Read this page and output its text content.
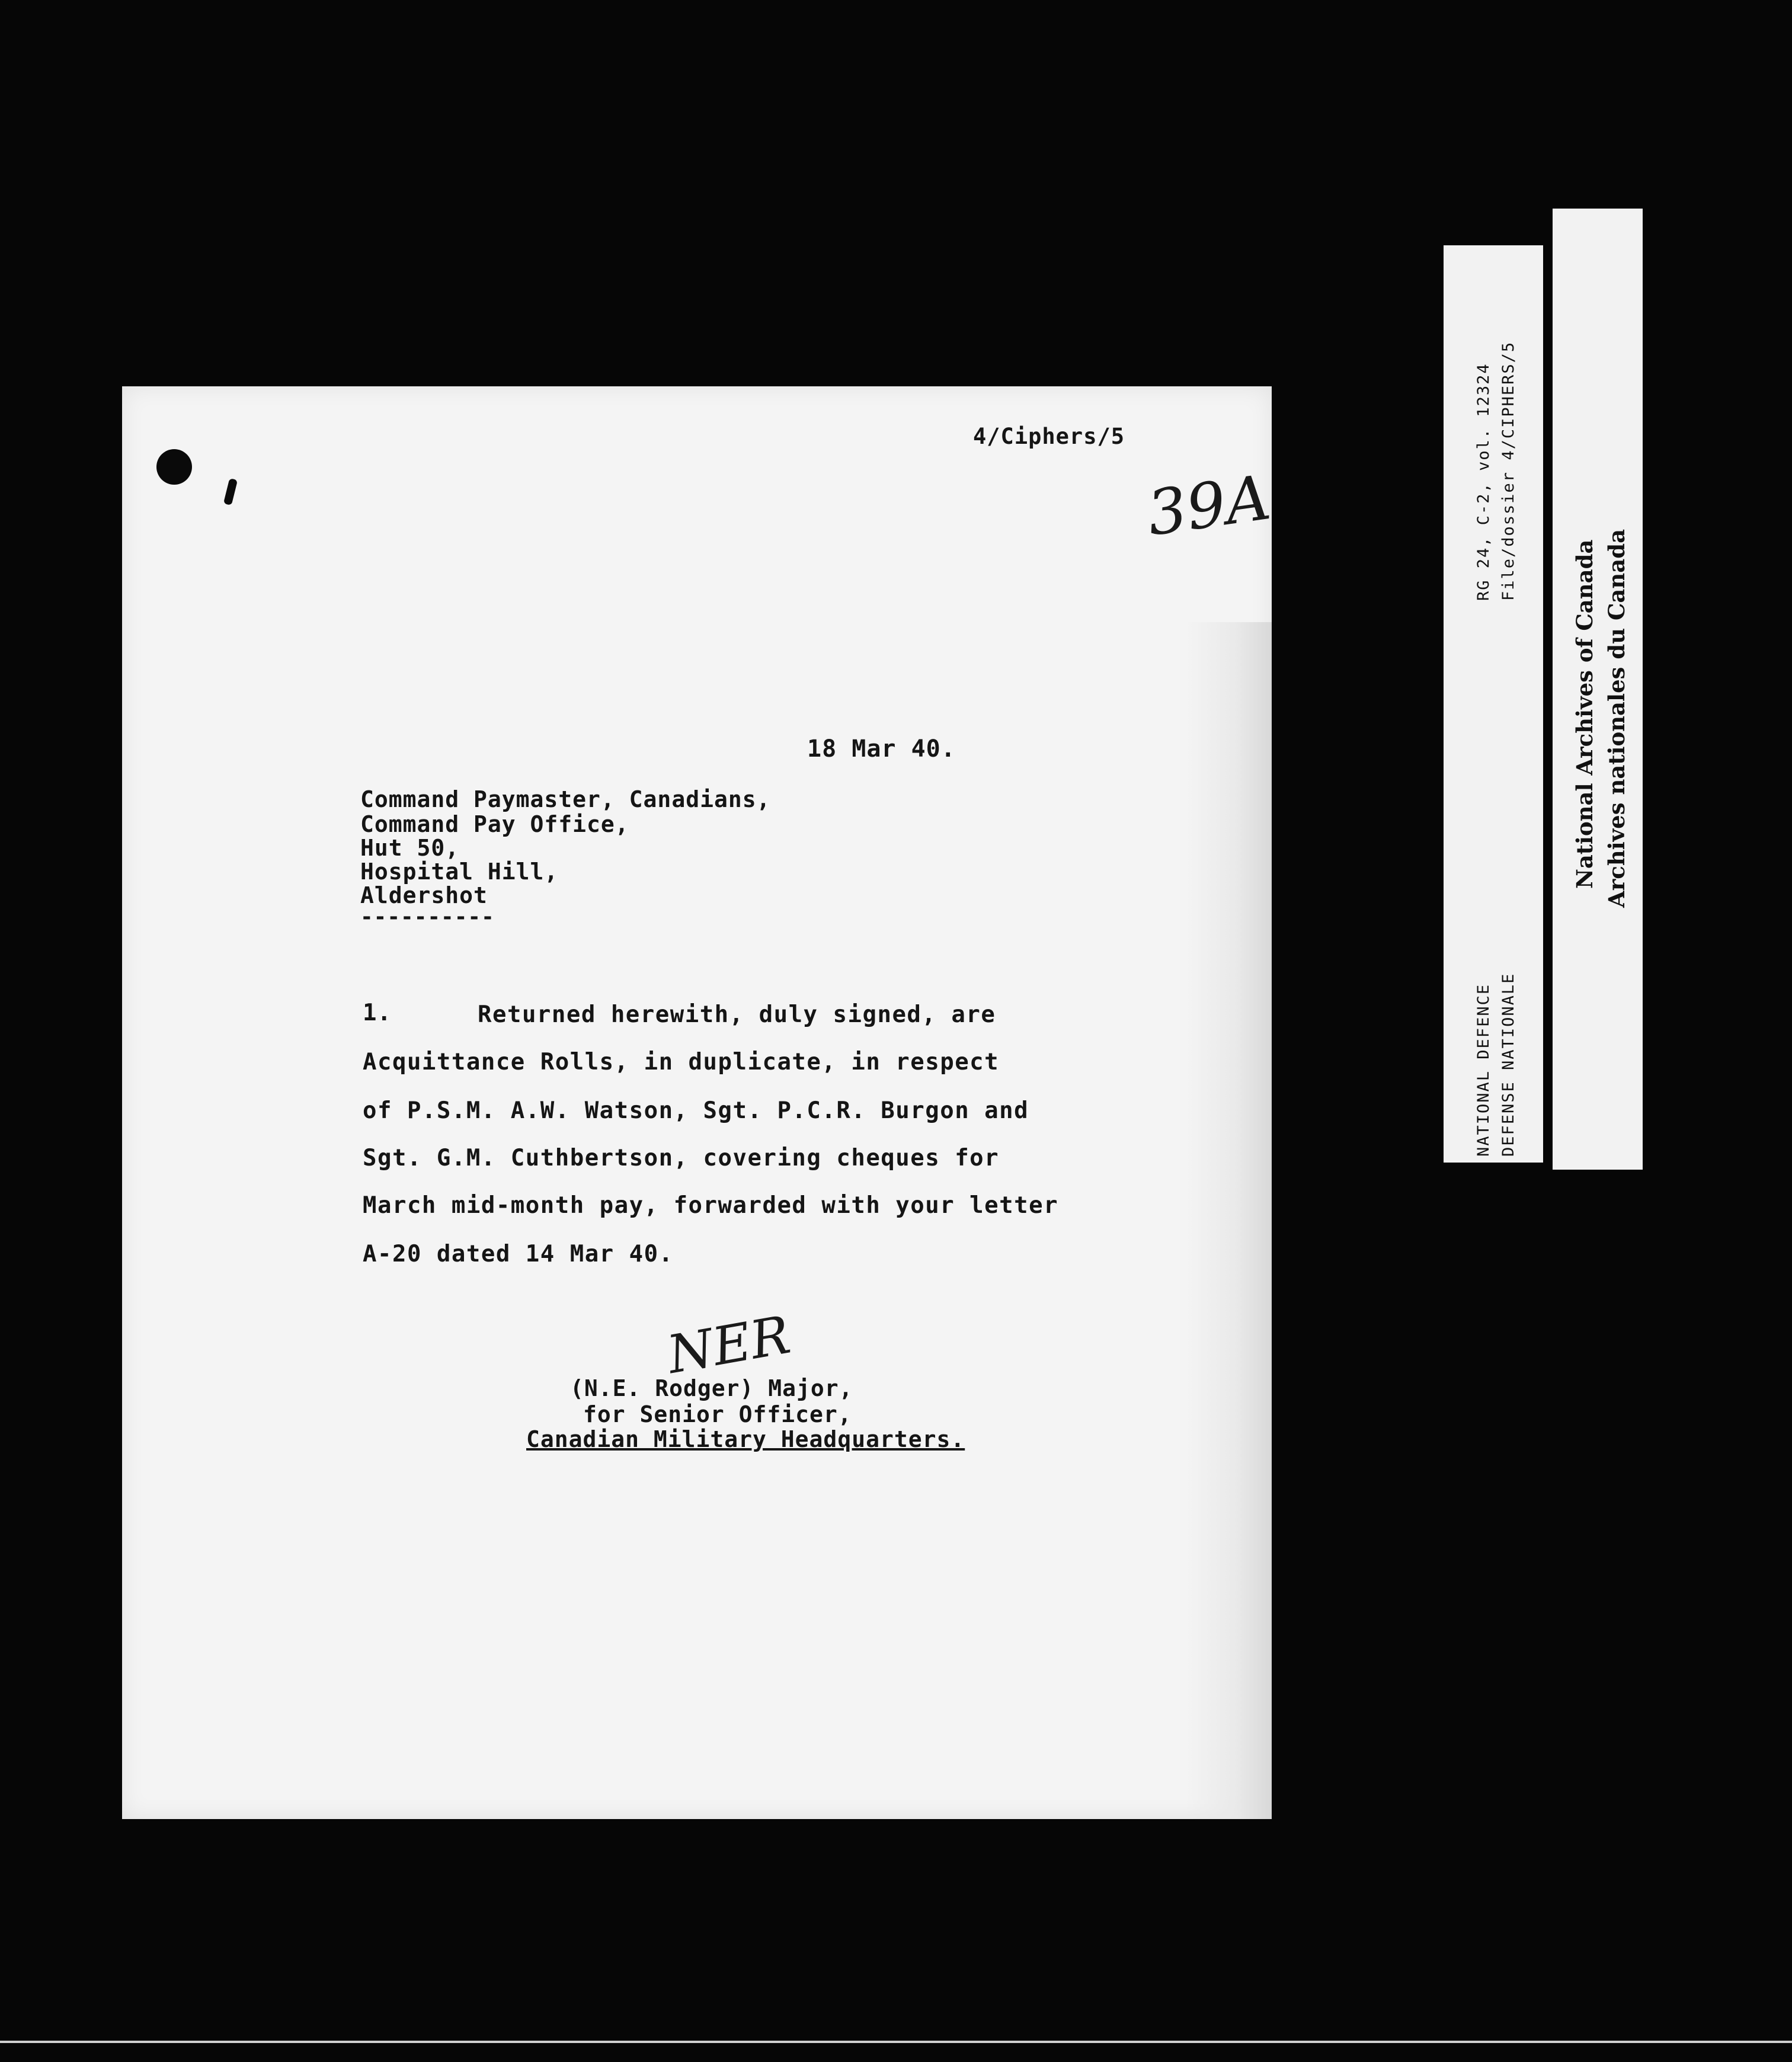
4/Ciphers/5
39A
18 Mar 40.
Command Paymaster, Canadians,
Command Pay Office,
Hut 50,
Hospital Hill,
Aldershot
----------
1.	Returned herewith, duly signed, are
Acquittance Rolls, in duplicate, in respect
of P.S.M. A.W. Watson, Sgt. P.C.R. Burgon and
Sgt. G.M. Cuthbertson, covering cheques for
March mid-month pay, forwarded with your letter
A-20 dated 14 Mar 40.
NER
(N.E. Rodger) Major,
for Senior Officer,
Canadian Military Headquarters.
RG 24, C-2, vol. 12324 File/dossier 4/CIPHERS/5
NATIONAL DEFENCE DEFENSE NATIONALE
National Archives of Canada Archives nationales du Canada
